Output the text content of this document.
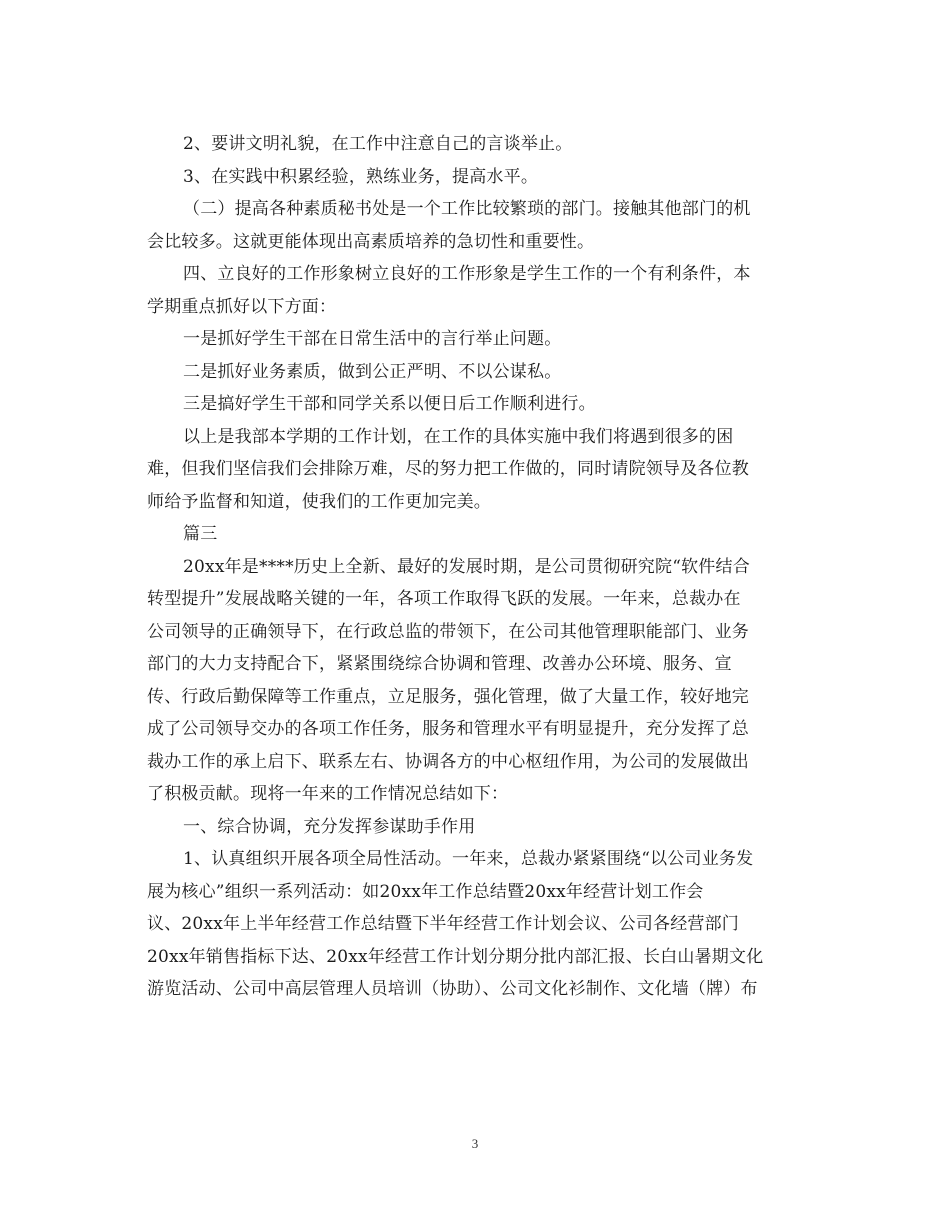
2、要讲文明礼貌，在工作中注意自己的言谈举止。
3、在实践中积累经验，熟练业务，提高水平。
（二）提高各种素质秘书处是一个工作比较繁琐的部门。接触其他部门的机
会比较多。这就更能体现出高素质培养的急切性和重要性。
四、立良好的工作形象树立良好的工作形象是学生工作的一个有利条件，本
学期重点抓好以下方面：
一是抓好学生干部在日常生活中的言行举止问题。
二是抓好业务素质，做到公正严明、不以公谋私。
三是搞好学生干部和同学关系以便日后工作顺利进行。
以上是我部本学期的工作计划，在工作的具体实施中我们将遇到很多的困
难，但我们坚信我们会排除万难，尽的努力把工作做的，同时请院领导及各位教
师给予监督和知道，使我们的工作更加完美。
篇三
20xx年是****历史上全新、最好的发展时期，是公司贯彻研究院“软件结合
转型提升”发展战略关键的一年，各项工作取得飞跃的发展。一年来，总裁办在
公司领导的正确领导下，在行政总监的带领下，在公司其他管理职能部门、业务
部门的大力支持配合下，紧紧围绕综合协调和管理、改善办公环境、服务、宣
传、行政后勤保障等工作重点，立足服务，强化管理，做了大量工作，较好地完
成了公司领导交办的各项工作任务，服务和管理水平有明显提升，充分发挥了总
裁办工作的承上启下、联系左右、协调各方的中心枢纽作用，为公司的发展做出
了积极贡献。现将一年来的工作情况总结如下：
一、综合协调，充分发挥参谋助手作用
1、认真组织开展各项全局性活动。一年来，总裁办紧紧围绕“以公司业务发
展为核心”组织一系列活动：如20xx年工作总结暨20xx年经营计划工作会
议、20xx年上半年经营工作总结暨下半年经营工作计划会议、公司各经营部门
20xx年销售指标下达、20xx年经营工作计划分期分批内部汇报、长白山暑期文化
游览活动、公司中高层管理人员培训（协助）、公司文化衫制作、文化墙（牌）布
3
